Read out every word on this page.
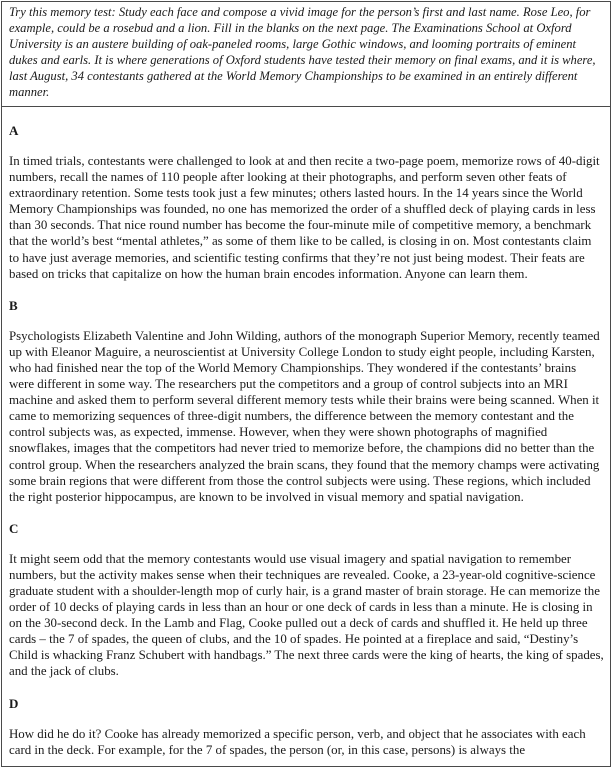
Try this memory test: Study each face and compose a vivid image for the person’s first and last name. Rose Leo, for example, could be a rosebud and a lion. Fill in the blanks on the next page. The Examinations School at Oxford University is an austere building of oak-paneled rooms, large Gothic windows, and looming portraits of eminent dukes and earls. It is where generations of Oxford students have tested their memory on final exams, and it is where, last August, 34 contestants gathered at the World Memory Championships to be examined in an entirely different manner.

A

In timed trials, contestants were challenged to look at and then recite a two-page poem, memorize rows of 40-digit numbers, recall the names of 110 people after looking at their photographs, and perform seven other feats of extraordinary retention. Some tests took just a few minutes; others lasted hours. In the 14 years since the World Memory Championships was founded, no one has memorized the order of a shuffled deck of playing cards in less than 30 seconds. That nice round number has become the four-minute mile of competitive memory, a benchmark that the world’s best “mental athletes,” as some of them like to be called, is closing in on. Most contestants claim to have just average memories, and scientific testing confirms that they’re not just being modest. Their feats are based on tricks that capitalize on how the human brain encodes information. Anyone can learn them.

B

Psychologists Elizabeth Valentine and John Wilding, authors of the monograph Superior Memory, recently teamed up with Eleanor Maguire, a neuroscientist at University College London to study eight people, including Karsten, who had finished near the top of the World Memory Championships. They wondered if the contestants’ brains were different in some way. The researchers put the competitors and a group of control subjects into an MRI machine and asked them to perform several different memory tests while their brains were being scanned. When it came to memorizing sequences of three-digit numbers, the difference between the memory contestant and the control subjects was, as expected, immense. However, when they were shown photographs of magnified snowflakes, images that the competitors had never tried to memorize before, the champions did no better than the control group. When the researchers analyzed the brain scans, they found that the memory champs were activating some brain regions that were different from those the control subjects were using. These regions, which included the right posterior hippocampus, are known to be involved in visual memory and spatial navigation.

C

It might seem odd that the memory contestants would use visual imagery and spatial navigation to remember numbers, but the activity makes sense when their techniques are revealed. Cooke, a 23-year-old cognitive-science graduate student with a shoulder-length mop of curly hair, is a grand master of brain storage. He can memorize the order of 10 decks of playing cards in less than an hour or one deck of cards in less than a minute. He is closing in on the 30-second deck. In the Lamb and Flag, Cooke pulled out a deck of cards and shuffled it. He held up three cards – the 7 of spades, the queen of clubs, and the 10 of spades. He pointed at a fireplace and said, “Destiny’s Child is whacking Franz Schubert with handbags.” The next three cards were the king of hearts, the king of spades, and the jack of clubs.

D

How did he do it? Cooke has already memorized a specific person, verb, and object that he associates with each card in the deck. For example, for the 7 of spades, the person (or, in this case, persons) is always the
